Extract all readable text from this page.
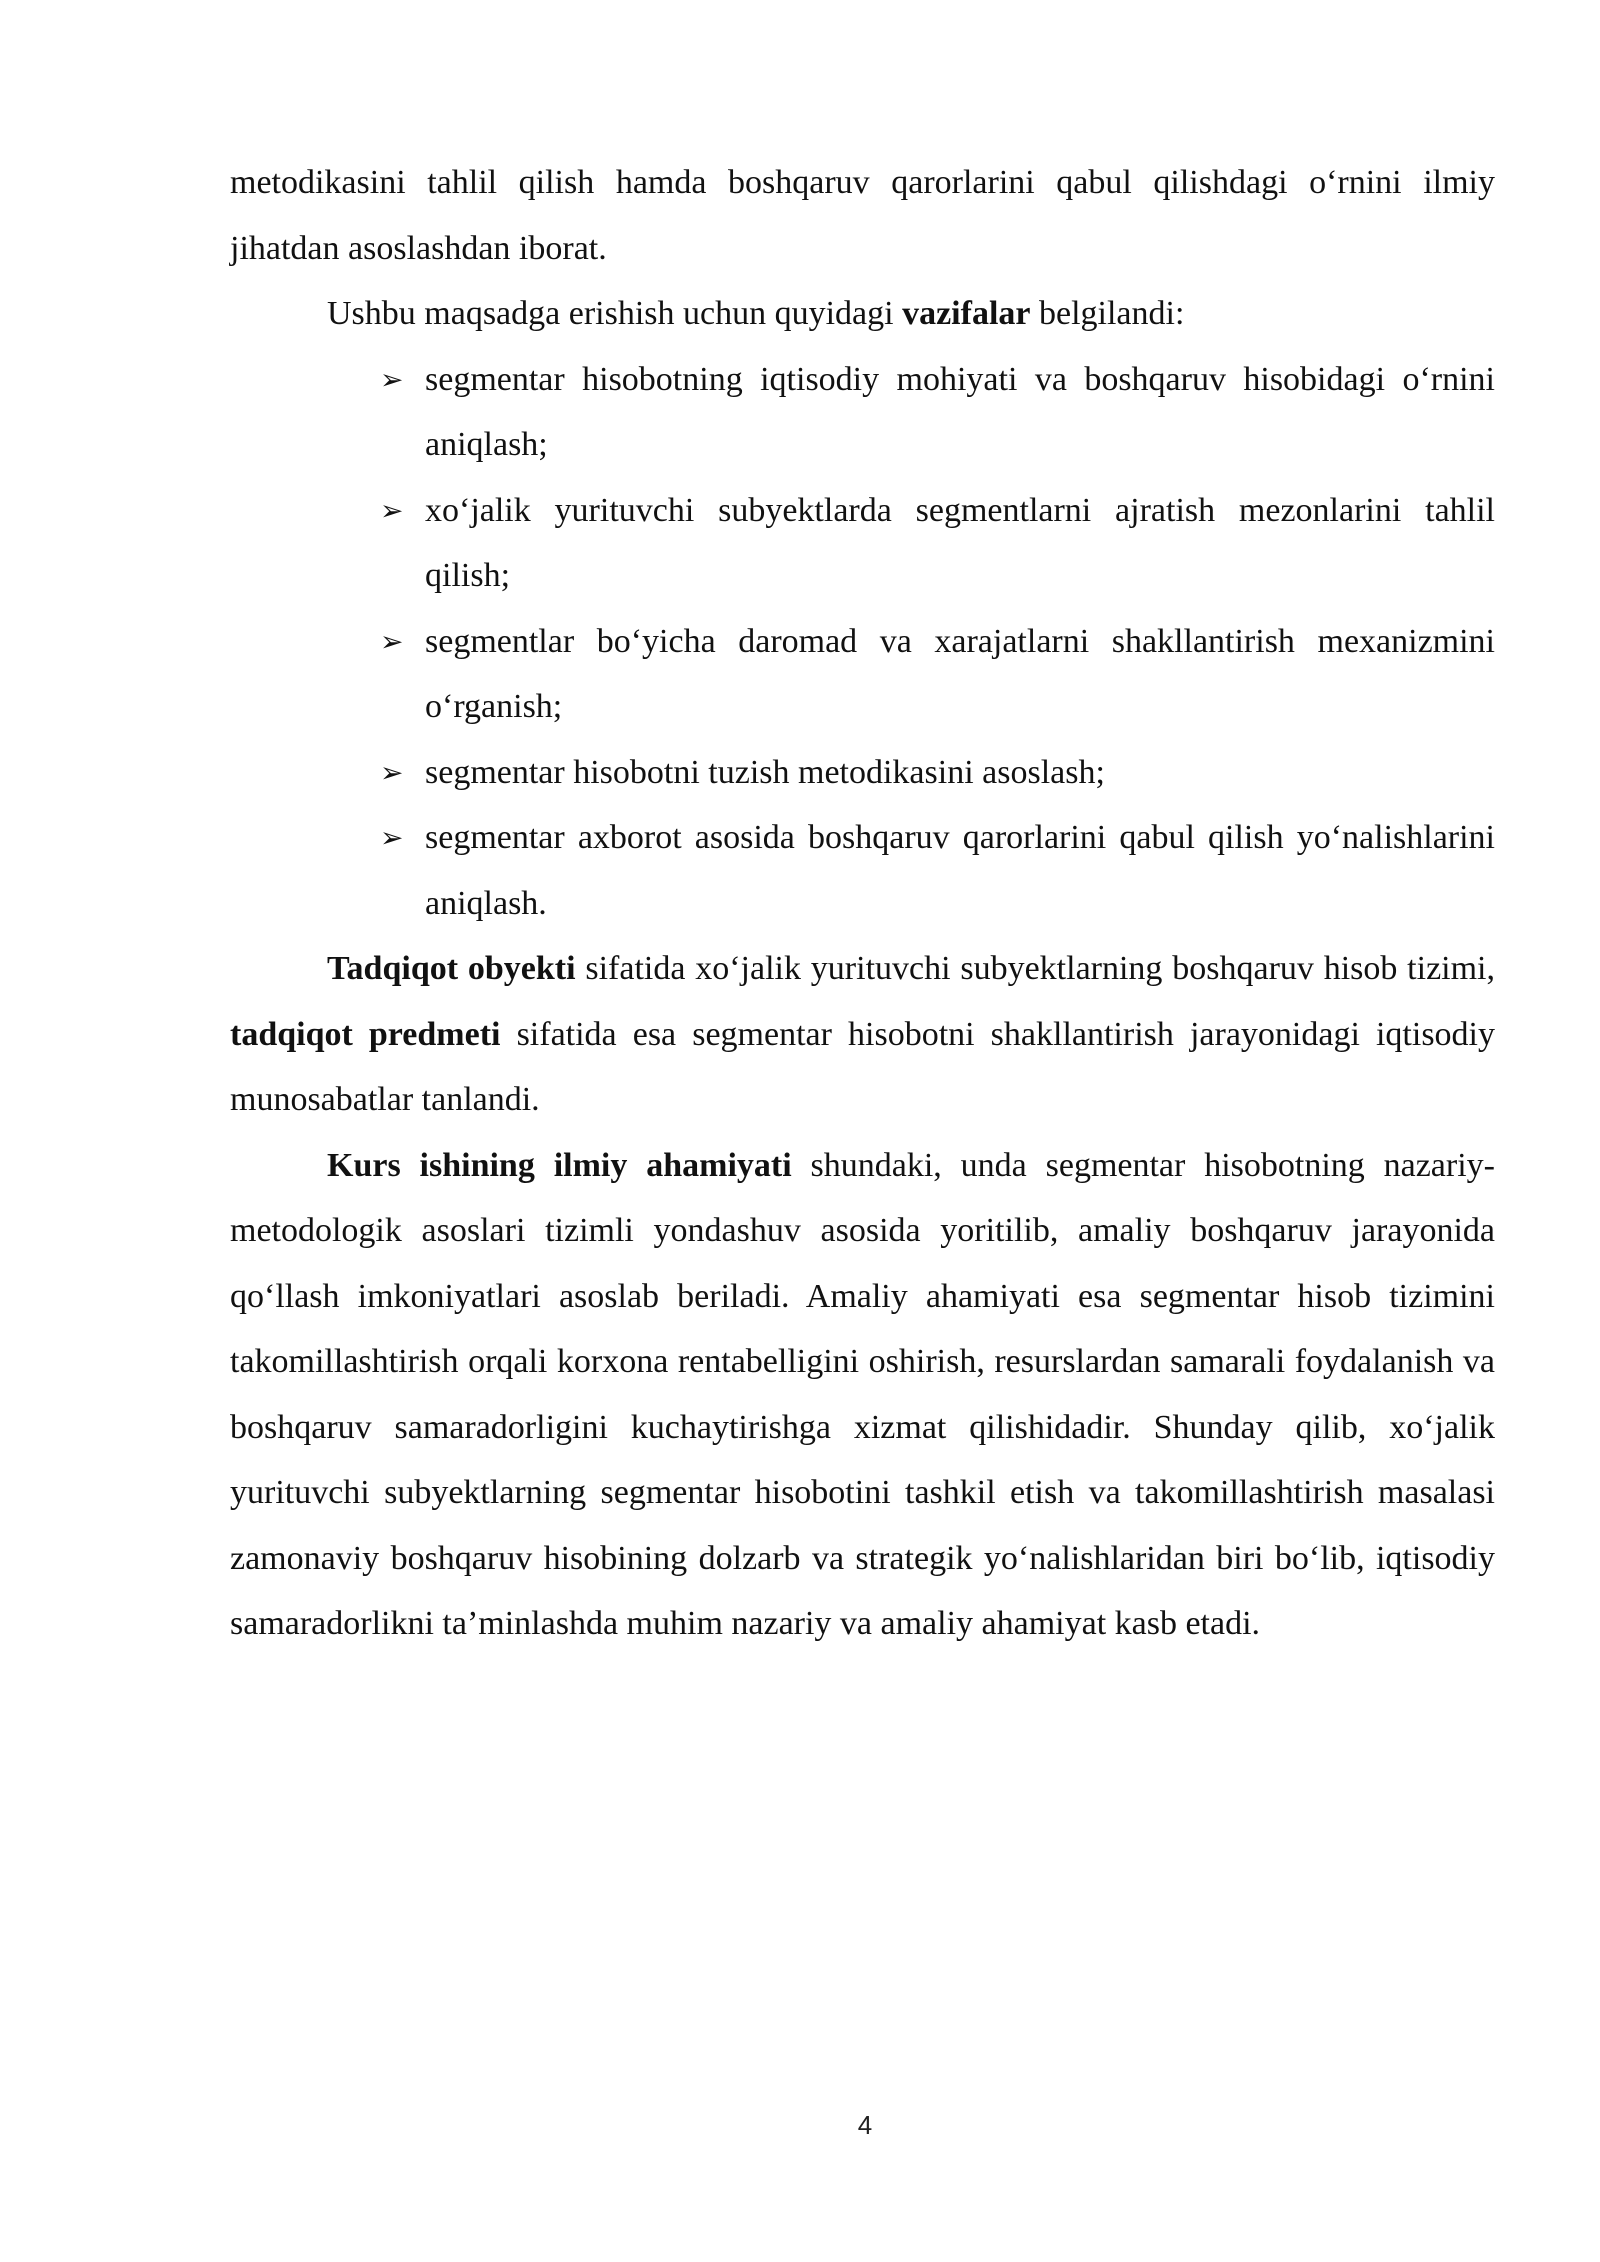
metodikasini tahlil qilish hamda boshqaruv qarorlarini qabul qilishdagi o‘rnini ilmiy jihatdan asoslashdan iborat.

Ushbu maqsadga erishish uchun quyidagi vazifalar belgilandi:

➢ segmentar hisobotning iqtisodiy mohiyati va boshqaruv hisobidagi o‘rnini aniqlash;
➢ xo‘jalik yurituvchi subyektlarda segmentlarni ajratish mezonlarini tahlil qilish;
➢ segmentlar bo‘yicha daromad va xarajatlarni shakllantirish mexanizmini o‘rganish;
➢ segmentar hisobotni tuzish metodikasini asoslash;
➢ segmentar axborot asosida boshqaruv qarorlarini qabul qilish yo‘nalishlarini aniqlash.

Tadqiqot obyekti sifatida xo‘jalik yurituvchi subyektlarning boshqaruv hisob tizimi, tadqiqot predmeti sifatida esa segmentar hisobotni shakllantirish jarayonidagi iqtisodiy munosabatlar tanlandi.

Kurs ishining ilmiy ahamiyati shundaki, unda segmentar hisobotning nazariy-metodologik asoslari tizimli yondashuv asosida yoritilib, amaliy boshqaruv jarayonida qo‘llash imkoniyatlari asoslab beriladi. Amaliy ahamiyati esa segmentar hisob tizimini takomillashtirish orqali korxona rentabelligini oshirish, resurslardan samarali foydalanish va boshqaruv samaradorligini kuchaytirishga xizmat qilishidadir. Shunday qilib, xo‘jalik yurituvchi subyektlarning segmentar hisobotini tashkil etish va takomillashtirish masalasi zamonaviy boshqaruv hisobining dolzarb va strategik yo‘nalishlaridan biri bo‘lib, iqtisodiy samaradorlikni ta’minlashda muhim nazariy va amaliy ahamiyat kasb etadi.

4
